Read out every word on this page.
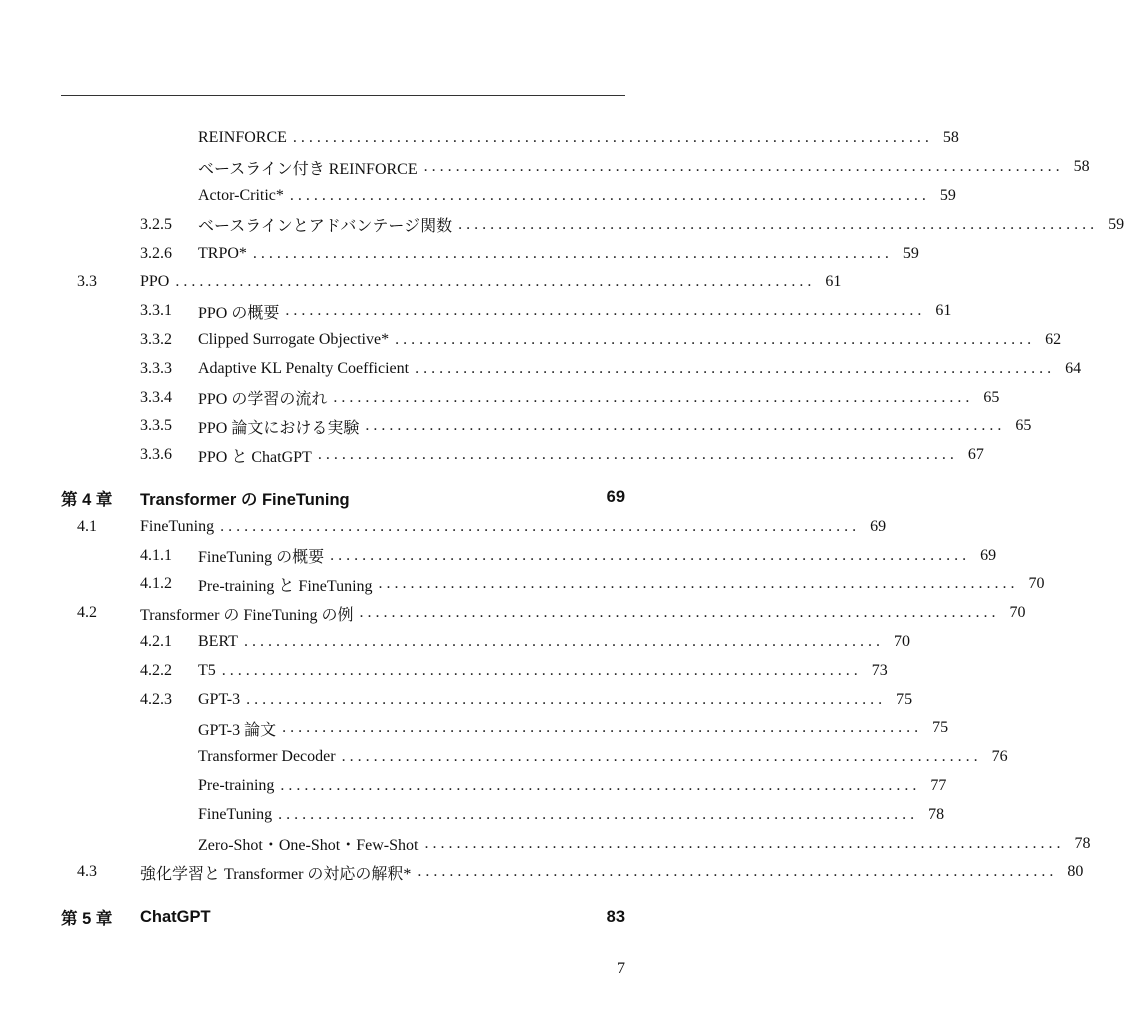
REINFORCE . . . . . . . . . . . . . . . . . . . . . . . . . . . . . . . . . . . . . . . . . . . . . . . . . . . . . . . . . . . . . . . . . . . . . . . . . . . . . . . . 58
ベースライン付き REINFORCE . . . . . . . . . . . . . . . . . . . . . . . . . . . . . . . . . . . . . . . . . . . . . . . . . . . . . . . . . . . . . . . . . . . . . . . . . . . . . . . . 58
Actor-Critic* . . . . . . . . . . . . . . . . . . . . . . . . . . . . . . . . . . . . . . . . . . . . . . . . . . . . . . . . . . . . . . . . . . . . . . . . . . . . . . . . 59
3.2.5	ベースラインとアドバンテージ関数 . . . . . . . . . . . . . . . . . . . . . . . . . . . . . . . . . . . . . . . . . . . . . . . . . . . . . . . . . . . . . . . . . . . . . . . . . . . . . . . . 59
3.2.6	TRPO* . . . . . . . . . . . . . . . . . . . . . . . . . . . . . . . . . . . . . . . . . . . . . . . . . . . . . . . . . . . . . . . . . . . . . . . . . . . . . . . . 59
3.3	PPO . . . . . . . . . . . . . . . . . . . . . . . . . . . . . . . . . . . . . . . . . . . . . . . . . . . . . . . . . . . . . . . . . . . . . . . . . . . . . . . . 61
3.3.1	PPO の概要 . . . . . . . . . . . . . . . . . . . . . . . . . . . . . . . . . . . . . . . . . . . . . . . . . . . . . . . . . . . . . . . . . . . . . . . . . . . . . . . . 61
3.3.2	Clipped Surrogate Objective* . . . . . . . . . . . . . . . . . . . . . . . . . . . . . . . . . . . . . . . . . . . . . . . . . . . . . . . . . . . . . . . . . . . . . . . . . . . . . . . . 62
3.3.3	Adaptive KL Penalty Coefficient . . . . . . . . . . . . . . . . . . . . . . . . . . . . . . . . . . . . . . . . . . . . . . . . . . . . . . . . . . . . . . . . . . . . . . . . . . . . . . . . 64
3.3.4	PPO の学習の流れ . . . . . . . . . . . . . . . . . . . . . . . . . . . . . . . . . . . . . . . . . . . . . . . . . . . . . . . . . . . . . . . . . . . . . . . . . . . . . . . . 65
3.3.5	PPO 論文における実験 . . . . . . . . . . . . . . . . . . . . . . . . . . . . . . . . . . . . . . . . . . . . . . . . . . . . . . . . . . . . . . . . . . . . . . . . . . . . . . . . 65
3.3.6	PPO と ChatGPT . . . . . . . . . . . . . . . . . . . . . . . . . . . . . . . . . . . . . . . . . . . . . . . . . . . . . . . . . . . . . . . . . . . . . . . . . . . . . . . . 67
第 4 章	Transformer の FineTuning	69
4.1	FineTuning . . . . . . . . . . . . . . . . . . . . . . . . . . . . . . . . . . . . . . . . . . . . . . . . . . . . . . . . . . . . . . . . . . . . . . . . . . . . . . . . 69
4.1.1	FineTuning の概要 . . . . . . . . . . . . . . . . . . . . . . . . . . . . . . . . . . . . . . . . . . . . . . . . . . . . . . . . . . . . . . . . . . . . . . . . . . . . . . . . 69
4.1.2	Pre-training と FineTuning . . . . . . . . . . . . . . . . . . . . . . . . . . . . . . . . . . . . . . . . . . . . . . . . . . . . . . . . . . . . . . . . . . . . . . . . . . . . . . . . 70
4.2	Transformer の FineTuning の例 . . . . . . . . . . . . . . . . . . . . . . . . . . . . . . . . . . . . . . . . . . . . . . . . . . . . . . . . . . . . . . . . . . . . . . . . . . . . . . . . 70
4.2.1	BERT . . . . . . . . . . . . . . . . . . . . . . . . . . . . . . . . . . . . . . . . . . . . . . . . . . . . . . . . . . . . . . . . . . . . . . . . . . . . . . . . 70
4.2.2	T5 . . . . . . . . . . . . . . . . . . . . . . . . . . . . . . . . . . . . . . . . . . . . . . . . . . . . . . . . . . . . . . . . . . . . . . . . . . . . . . . . 73
4.2.3	GPT-3 . . . . . . . . . . . . . . . . . . . . . . . . . . . . . . . . . . . . . . . . . . . . . . . . . . . . . . . . . . . . . . . . . . . . . . . . . . . . . . . . 75
GPT-3 論文 . . . . . . . . . . . . . . . . . . . . . . . . . . . . . . . . . . . . . . . . . . . . . . . . . . . . . . . . . . . . . . . . . . . . . . . . . . . . . . . . 75
Transformer Decoder . . . . . . . . . . . . . . . . . . . . . . . . . . . . . . . . . . . . . . . . . . . . . . . . . . . . . . . . . . . . . . . . . . . . . . . . . . . . . . . . 76
Pre-training . . . . . . . . . . . . . . . . . . . . . . . . . . . . . . . . . . . . . . . . . . . . . . . . . . . . . . . . . . . . . . . . . . . . . . . . . . . . . . . . 77
FineTuning . . . . . . . . . . . . . . . . . . . . . . . . . . . . . . . . . . . . . . . . . . . . . . . . . . . . . . . . . . . . . . . . . . . . . . . . . . . . . . . . 78
Zero-Shot・One-Shot・Few-Shot . . . . . . . . . . . . . . . . . . . . . . . . . . . . . . . . . . . . . . . . . . . . . . . . . . . . . . . . . . . . . . . . . . . . . . . . . . . . . . . . 78
4.3	強化学習と Transformer の対応の解釈* . . . . . . . . . . . . . . . . . . . . . . . . . . . . . . . . . . . . . . . . . . . . . . . . . . . . . . . . . . . . . . . . . . . . . . . . . . . . . . . . 80
第 5 章	ChatGPT	83
7
